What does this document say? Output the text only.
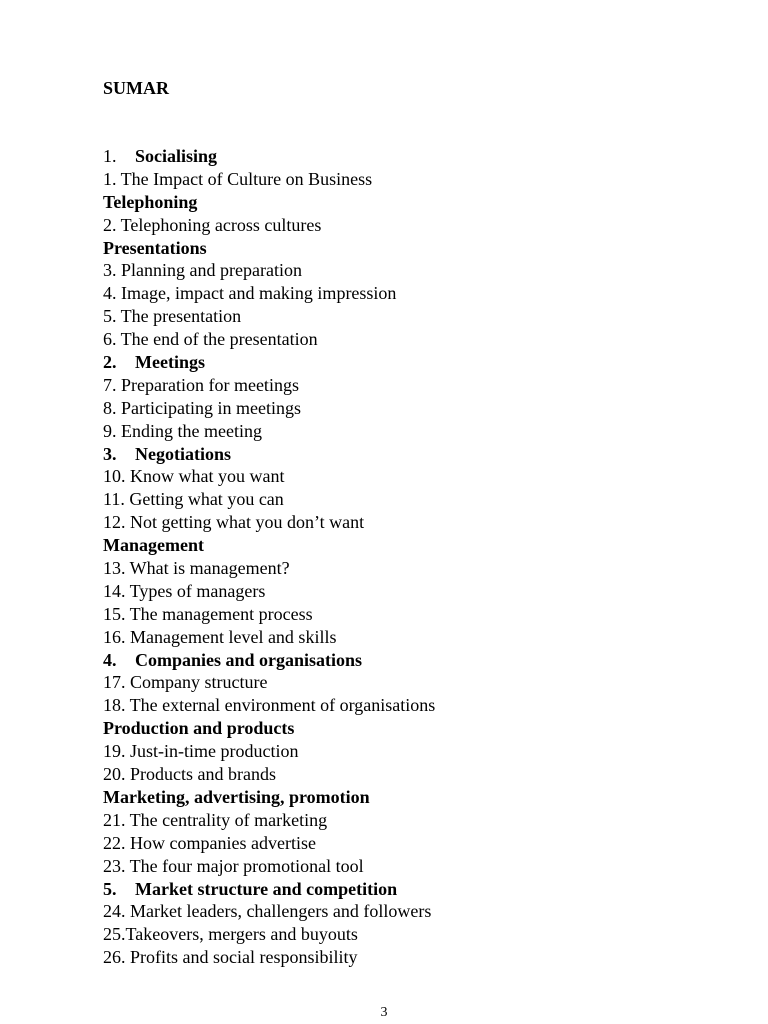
SUMAR
1. Socialising
1. The Impact of Culture on Business
Telephoning
2. Telephoning across cultures
Presentations
3. Planning and preparation
4. Image, impact and making impression
5. The presentation
6. The end of the presentation
2. Meetings
7. Preparation for meetings
8. Participating in meetings
9. Ending the meeting
3. Negotiations
10. Know what you want
11. Getting what you can
12. Not getting what you don’t want
Management
13. What is management?
14. Types of managers
15. The management process
16. Management level and skills
4. Companies and organisations
17. Company structure
18. The external environment of organisations
Production and products
19. Just-in-time production
20. Products and brands
Marketing, advertising, promotion
21. The centrality of marketing
22. How companies advertise
23. The four major promotional tool
5. Market structure and competition
24. Market leaders, challengers and followers
25.Takeovers, mergers and buyouts
26. Profits and social responsibility
3
